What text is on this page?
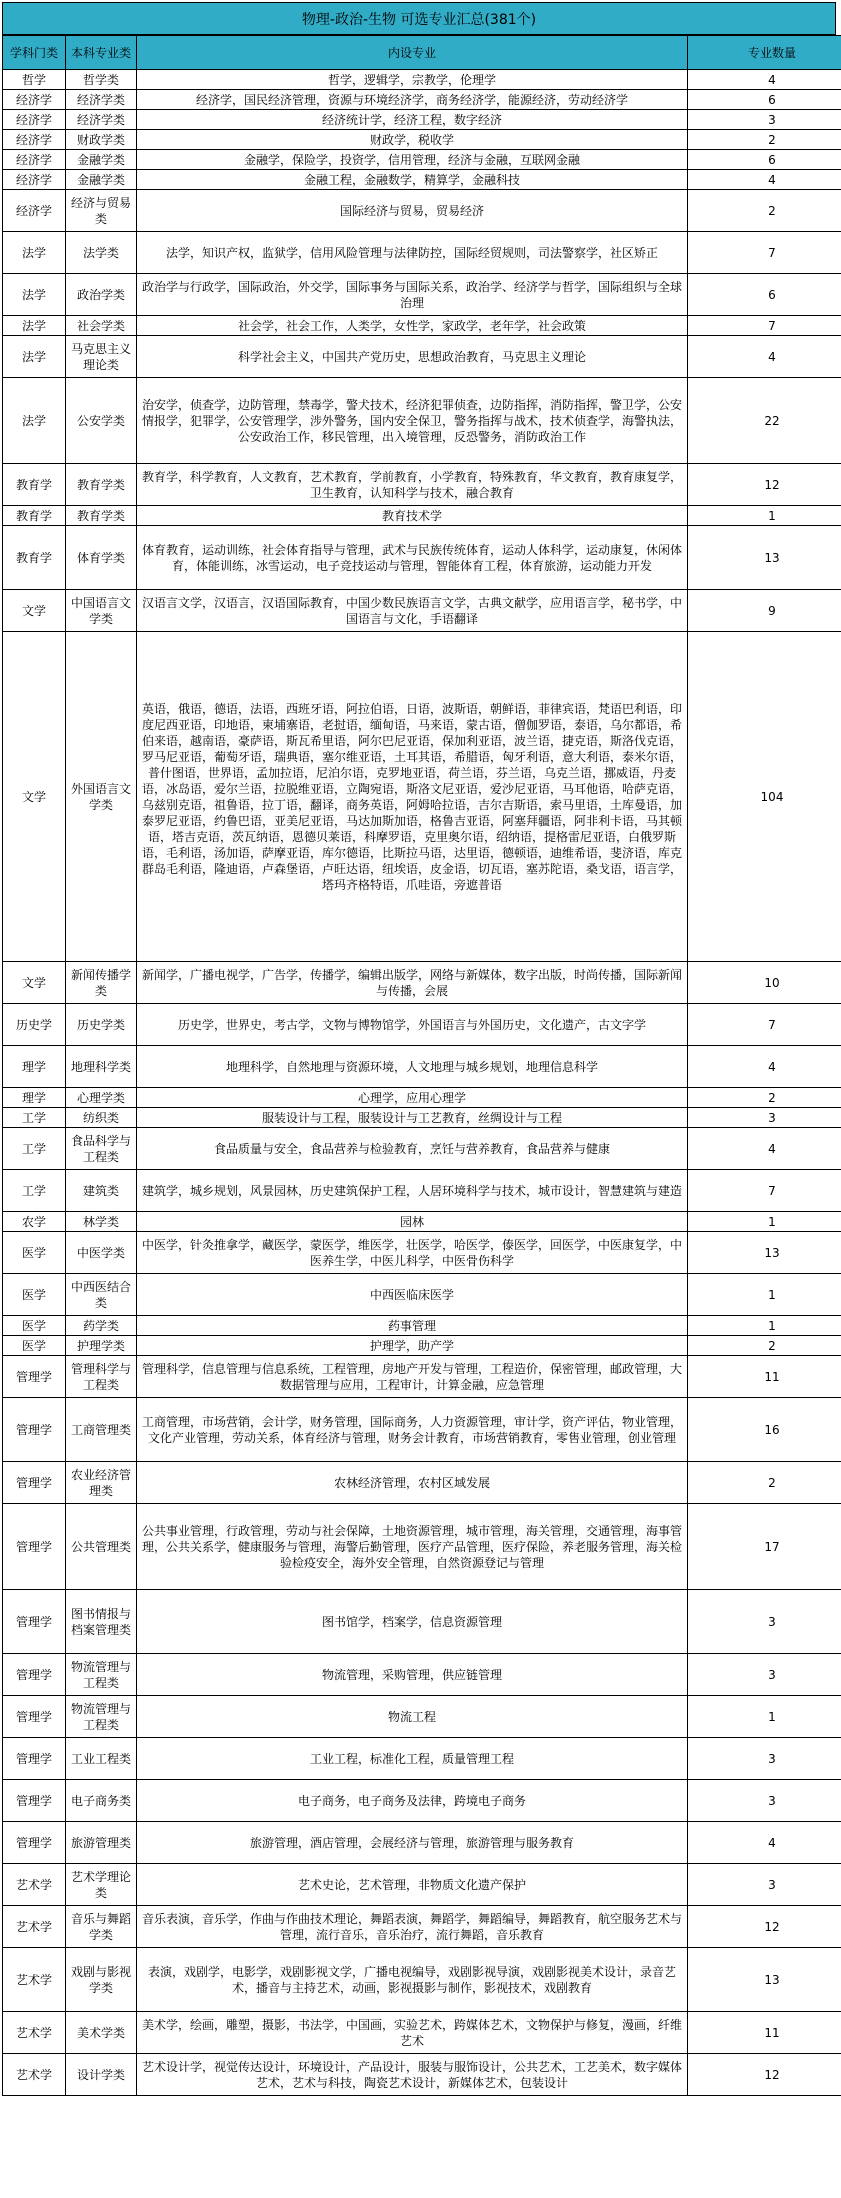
物理-政治-生物 可选专业汇总(381个)
学科门类	本科专业类	内设专业	专业数量
哲学	哲学类	哲学，逻辑学，宗教学，伦理学	4
经济学	经济学类	经济学，国民经济管理，资源与环境经济学，商务经济学，能源经济，劳动经济学	6
经济学	经济学类	经济统计学，经济工程，数字经济	3
经济学	财政学类	财政学，税收学	2
经济学	金融学类	金融学，保险学，投资学，信用管理，经济与金融，互联网金融	6
经济学	金融学类	金融工程，金融数学，精算学，金融科技	4
经济学	经济与贸易类	国际经济与贸易，贸易经济	2
法学	法学类	法学，知识产权，监狱学，信用风险管理与法律防控，国际经贸规则，司法警察学，社区矫正	7
法学	政治学类	政治学与行政学，国际政治，外交学，国际事务与国际关系，政治学、经济学与哲学，国际组织与全球治理	6
法学	社会学类	社会学，社会工作，人类学，女性学，家政学，老年学，社会政策	7
法学	马克思主义理论类	科学社会主义，中国共产党历史，思想政治教育，马克思主义理论	4
法学	公安学类	治安学，侦查学，边防管理，禁毒学，警犬技术，经济犯罪侦查，边防指挥，消防指挥，警卫学，公安情报学，犯罪学，公安管理学，涉外警务，国内安全保卫，警务指挥与战术，技术侦查学，海警执法，公安政治工作，移民管理，出入境管理，反恐警务，消防政治工作	22
教育学	教育学类	教育学，科学教育，人文教育，艺术教育，学前教育，小学教育，特殊教育，华文教育，教育康复学，卫生教育，认知科学与技术，融合教育	12
教育学	教育学类	教育技术学	1
教育学	体育学类	体育教育，运动训练，社会体育指导与管理，武术与民族传统体育，运动人体科学，运动康复，休闲体育，体能训练，冰雪运动，电子竞技运动与管理，智能体育工程，体育旅游，运动能力开发	13
文学	中国语言文学类	汉语言文学，汉语言，汉语国际教育，中国少数民族语言文学，古典文献学，应用语言学，秘书学，中国语言与文化，手语翻译	9
文学	外国语言文学类	英语，俄语，德语，法语，西班牙语，阿拉伯语，日语，波斯语，朝鲜语，菲律宾语，梵语巴利语，印度尼西亚语，印地语，柬埔寨语，老挝语，缅甸语，马来语，蒙古语，僧伽罗语，泰语，乌尔都语，希伯来语，越南语，豪萨语，斯瓦希里语，阿尔巴尼亚语，保加利亚语，波兰语，捷克语，斯洛伐克语，罗马尼亚语，葡萄牙语，瑞典语，塞尔维亚语，土耳其语，希腊语，匈牙利语，意大利语，泰米尔语，普什图语，世界语，孟加拉语，尼泊尔语，克罗地亚语，荷兰语，芬兰语，乌克兰语，挪威语，丹麦语，冰岛语，爱尔兰语，拉脱维亚语，立陶宛语，斯洛文尼亚语，爱沙尼亚语，马耳他语，哈萨克语，乌兹别克语，祖鲁语，拉丁语，翻译，商务英语，阿姆哈拉语，吉尔吉斯语，索马里语，土库曼语，加泰罗尼亚语，约鲁巴语，亚美尼亚语，马达加斯加语，格鲁吉亚语，阿塞拜疆语，阿非利卡语，马其顿语，塔吉克语，茨瓦纳语，恩德贝莱语，科摩罗语，克里奥尔语，绍纳语，提格雷尼亚语，白俄罗斯语，毛利语，汤加语，萨摩亚语，库尔德语，比斯拉马语，达里语，德顿语，迪维希语，斐济语，库克群岛毛利语，隆迪语，卢森堡语，卢旺达语，纽埃语，皮金语，切瓦语，塞苏陀语，桑戈语，语言学，塔玛齐格特语，爪哇语，旁遮普语	104
文学	新闻传播学类	新闻学，广播电视学，广告学，传播学，编辑出版学，网络与新媒体，数字出版，时尚传播，国际新闻与传播，会展	10
历史学	历史学类	历史学，世界史，考古学，文物与博物馆学，外国语言与外国历史，文化遗产，古文字学	7
理学	地理科学类	地理科学，自然地理与资源环境，人文地理与城乡规划，地理信息科学	4
理学	心理学类	心理学，应用心理学	2
工学	纺织类	服装设计与工程，服装设计与工艺教育，丝绸设计与工程	3
工学	食品科学与工程类	食品质量与安全，食品营养与检验教育，烹饪与营养教育，食品营养与健康	4
工学	建筑类	建筑学，城乡规划，风景园林，历史建筑保护工程，人居环境科学与技术，城市设计，智慧建筑与建造	7
农学	林学类	园林	1
医学	中医学类	中医学，针灸推拿学，藏医学，蒙医学，维医学，壮医学，哈医学，傣医学，回医学，中医康复学，中医养生学，中医儿科学，中医骨伤科学	13
医学	中西医结合类	中西医临床医学	1
医学	药学类	药事管理	1
医学	护理学类	护理学，助产学	2
管理学	管理科学与工程类	管理科学，信息管理与信息系统，工程管理，房地产开发与管理，工程造价，保密管理，邮政管理，大数据管理与应用，工程审计，计算金融，应急管理	11
管理学	工商管理类	工商管理，市场营销，会计学，财务管理，国际商务，人力资源管理，审计学，资产评估，物业管理，文化产业管理，劳动关系，体育经济与管理，财务会计教育，市场营销教育，零售业管理，创业管理	16
管理学	农业经济管理类	农林经济管理，农村区域发展	2
管理学	公共管理类	公共事业管理，行政管理，劳动与社会保障，土地资源管理，城市管理，海关管理，交通管理，海事管理，公共关系学，健康服务与管理，海警后勤管理，医疗产品管理，医疗保险，养老服务管理，海关检验检疫安全，海外安全管理，自然资源登记与管理	17
管理学	图书情报与档案管理类	图书馆学，档案学，信息资源管理	3
管理学	物流管理与工程类	物流管理，采购管理，供应链管理	3
管理学	物流管理与工程类	物流工程	1
管理学	工业工程类	工业工程，标准化工程，质量管理工程	3
管理学	电子商务类	电子商务，电子商务及法律，跨境电子商务	3
管理学	旅游管理类	旅游管理，酒店管理，会展经济与管理，旅游管理与服务教育	4
艺术学	艺术学理论类	艺术史论，艺术管理，非物质文化遗产保护	3
艺术学	音乐与舞蹈学类	音乐表演，音乐学，作曲与作曲技术理论，舞蹈表演，舞蹈学，舞蹈编导，舞蹈教育，航空服务艺术与管理，流行音乐，音乐治疗，流行舞蹈，音乐教育	12
艺术学	戏剧与影视学类	表演，戏剧学，电影学，戏剧影视文学，广播电视编导，戏剧影视导演，戏剧影视美术设计，录音艺术，播音与主持艺术，动画，影视摄影与制作，影视技术，戏剧教育	13
艺术学	美术学类	美术学，绘画，雕塑，摄影，书法学，中国画，实验艺术，跨媒体艺术，文物保护与修复，漫画，纤维艺术	11
艺术学	设计学类	艺术设计学，视觉传达设计，环境设计，产品设计，服装与服饰设计，公共艺术，工艺美术，数字媒体艺术，艺术与科技，陶瓷艺术设计，新媒体艺术，包装设计	12
